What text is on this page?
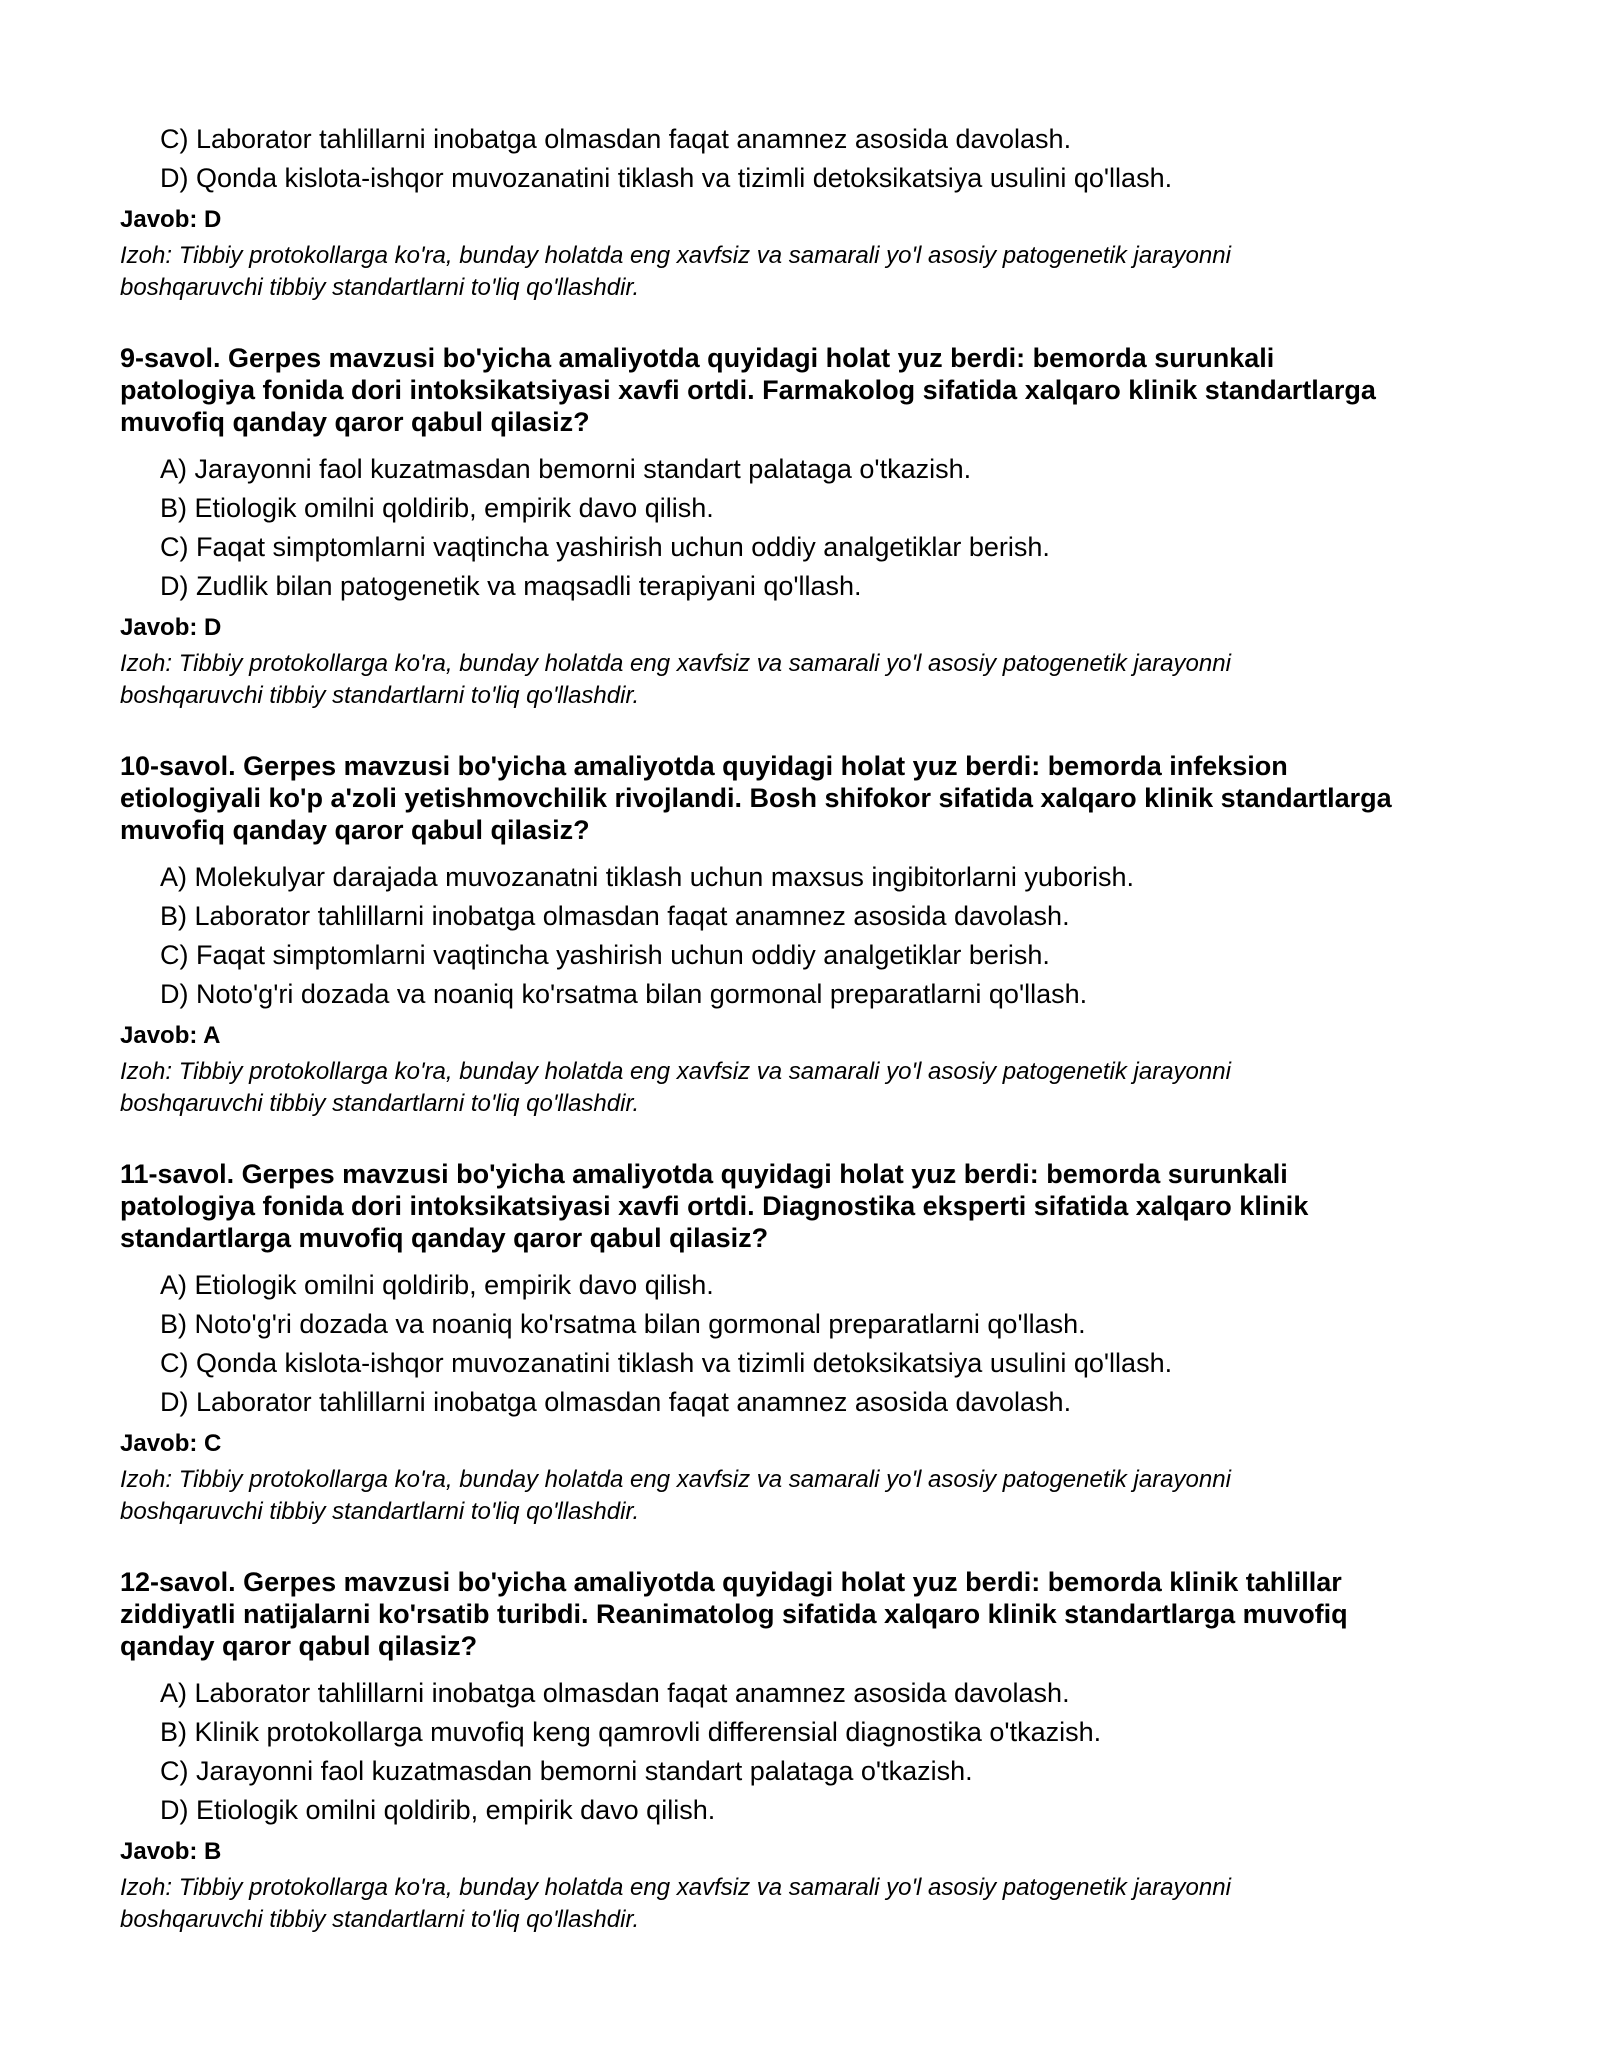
C) Laborator tahlillarni inobatga olmasdan faqat anamnez asosida davolash.
D) Qonda kislota-ishqor muvozanatini tiklash va tizimli detoksikatsiya usulini qo'llash.
Javob: D
Izoh: Tibbiy protokollarga ko'ra, bunday holatda eng xavfsiz va samarali yo'l asosiy patogenetik jarayonni
boshqaruvchi tibbiy standartlarni to'liq qo'llashdir.
9-savol. Gerpes mavzusi bo'yicha amaliyotda quyidagi holat yuz berdi: bemorda surunkali
patologiya fonida dori intoksikatsiyasi xavfi ortdi. Farmakolog sifatida xalqaro klinik standartlarga
muvofiq qanday qaror qabul qilasiz?
A) Jarayonni faol kuzatmasdan bemorni standart palataga o'tkazish.
B) Etiologik omilni qoldirib, empirik davo qilish.
C) Faqat simptomlarni vaqtincha yashirish uchun oddiy analgetiklar berish.
D) Zudlik bilan patogenetik va maqsadli terapiyani qo'llash.
Javob: D
Izoh: Tibbiy protokollarga ko'ra, bunday holatda eng xavfsiz va samarali yo'l asosiy patogenetik jarayonni
boshqaruvchi tibbiy standartlarni to'liq qo'llashdir.
10-savol. Gerpes mavzusi bo'yicha amaliyotda quyidagi holat yuz berdi: bemorda infeksion
etiologiyali ko'p a'zoli yetishmovchilik rivojlandi. Bosh shifokor sifatida xalqaro klinik standartlarga
muvofiq qanday qaror qabul qilasiz?
A) Molekulyar darajada muvozanatni tiklash uchun maxsus ingibitorlarni yuborish.
B) Laborator tahlillarni inobatga olmasdan faqat anamnez asosida davolash.
C) Faqat simptomlarni vaqtincha yashirish uchun oddiy analgetiklar berish.
D) Noto'g'ri dozada va noaniq ko'rsatma bilan gormonal preparatlarni qo'llash.
Javob: A
Izoh: Tibbiy protokollarga ko'ra, bunday holatda eng xavfsiz va samarali yo'l asosiy patogenetik jarayonni
boshqaruvchi tibbiy standartlarni to'liq qo'llashdir.
11-savol. Gerpes mavzusi bo'yicha amaliyotda quyidagi holat yuz berdi: bemorda surunkali
patologiya fonida dori intoksikatsiyasi xavfi ortdi. Diagnostika eksperti sifatida xalqaro klinik
standartlarga muvofiq qanday qaror qabul qilasiz?
A) Etiologik omilni qoldirib, empirik davo qilish.
B) Noto'g'ri dozada va noaniq ko'rsatma bilan gormonal preparatlarni qo'llash.
C) Qonda kislota-ishqor muvozanatini tiklash va tizimli detoksikatsiya usulini qo'llash.
D) Laborator tahlillarni inobatga olmasdan faqat anamnez asosida davolash.
Javob: C
Izoh: Tibbiy protokollarga ko'ra, bunday holatda eng xavfsiz va samarali yo'l asosiy patogenetik jarayonni
boshqaruvchi tibbiy standartlarni to'liq qo'llashdir.
12-savol. Gerpes mavzusi bo'yicha amaliyotda quyidagi holat yuz berdi: bemorda klinik tahlillar
ziddiyatli natijalarni ko'rsatib turibdi. Reanimatolog sifatida xalqaro klinik standartlarga muvofiq
qanday qaror qabul qilasiz?
A) Laborator tahlillarni inobatga olmasdan faqat anamnez asosida davolash.
B) Klinik protokollarga muvofiq keng qamrovli differensial diagnostika o'tkazish.
C) Jarayonni faol kuzatmasdan bemorni standart palataga o'tkazish.
D) Etiologik omilni qoldirib, empirik davo qilish.
Javob: B
Izoh: Tibbiy protokollarga ko'ra, bunday holatda eng xavfsiz va samarali yo'l asosiy patogenetik jarayonni
boshqaruvchi tibbiy standartlarni to'liq qo'llashdir.
